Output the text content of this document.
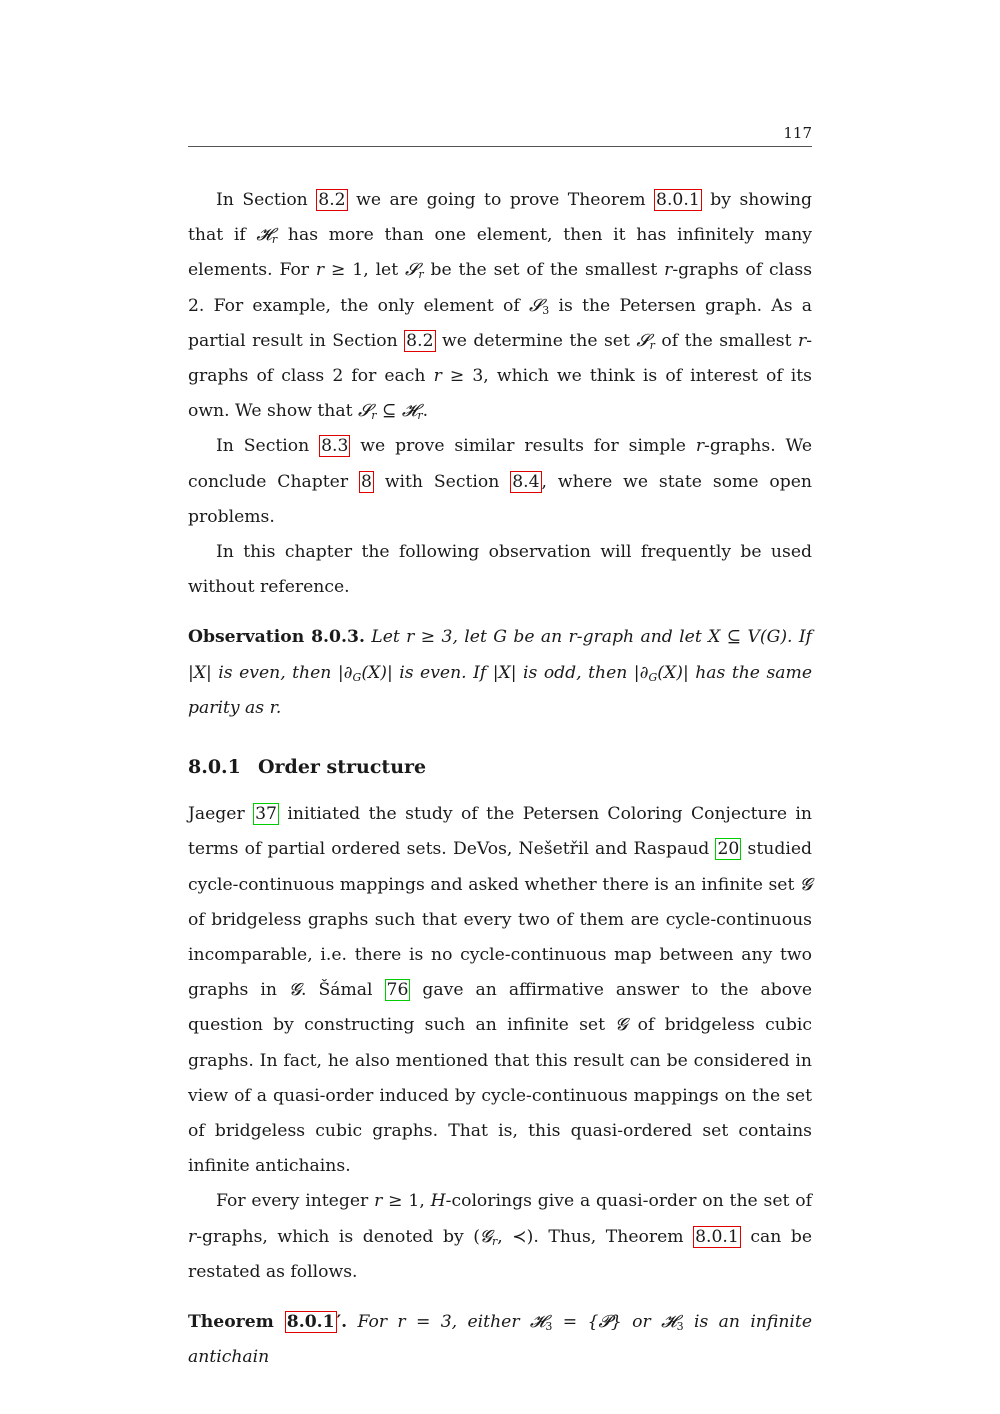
117

In Section 8.2 we are going to prove Theorem 8.0.1 by showing that if 𝓗$_r$ has more than one element, then it has infinitely many elements. For r ≥ 1, let 𝓢$_r$ be the set of the smallest r-graphs of class 2. For example, the only element of 𝓢$_3$ is the Petersen graph. As a partial result in Section 8.2 we determine the set 𝓢$_r$ of the smallest r-graphs of class 2 for each r ≥ 3, which we think is of interest of its own. We show that 𝓢$_r$ ⊆ 𝓗$_r$.

In Section 8.3 we prove similar results for simple r-graphs. We conclude Chapter 8 with Section 8.4 , where we state some open problems.

In this chapter the following observation will frequently be used without reference.

Observation 8.0.3. Let r ≥ 3, let G be an r-graph and let X ⊆ V(G). If |X| is even, then $|\partial_G(X)|$ is even. If |X| is odd, then $|\partial_G(X)|$ has the same parity as r.

8.0.1 Order structure

Jaeger 37 initiated the study of the Petersen Coloring Conjecture in terms of partial ordered sets. DeVos, Nešetřil and Raspaud 20 studied cycle-continuous mappings and asked whether there is an infinite set 𝓖 of bridgeless graphs such that every two of them are cycle-continuous incomparable, i.e. there is no cycle-continuous map between any two graphs in 𝓖. Šámal 76 gave an affirmative answer to the above question by constructing such an infinite set 𝓖 of bridgeless cubic graphs. In fact, he also mentioned that this result can be considered in view of a quasi-order induced by cycle-continuous mappings on the set of bridgeless cubic graphs. That is, this quasi-ordered set contains infinite antichains.

For every integer r ≥ 1, H-colorings give a quasi-order on the set of r-graphs, which is denoted by (𝓖$_r$, ≺). Thus, Theorem 8.0.1 can be restated as follows.

Theorem 8.0.1 ′. For r = 3, either 𝓗$_3$ = {𝓟} or 𝓗$_3$ is an infinite antichain
